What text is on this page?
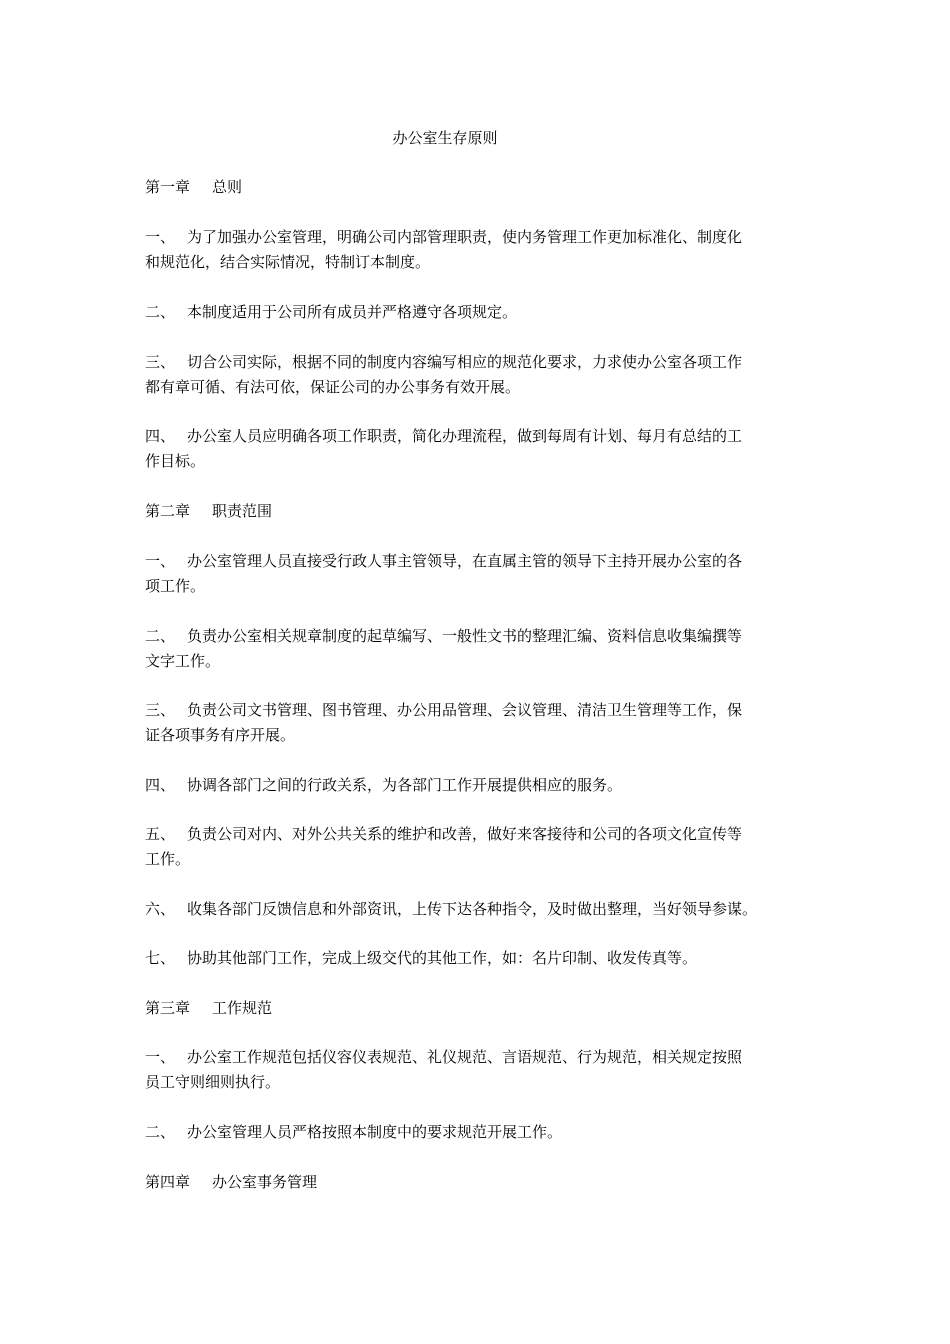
办公室生存原则
第一章 总则
一、 为了加强办公室管理，明确公司内部管理职责，使内务管理工作更加标准化、制度化
和规范化，结合实际情况，特制订本制度。
二、 本制度适用于公司所有成员并严格遵守各项规定。
三、 切合公司实际，根据不同的制度内容编写相应的规范化要求，力求使办公室各项工作
都有章可循、有法可依，保证公司的办公事务有效开展。
四、 办公室人员应明确各项工作职责，简化办理流程，做到每周有计划、每月有总结的工
作目标。
第二章 职责范围
一、 办公室管理人员直接受行政人事主管领导，在直属主管的领导下主持开展办公室的各
项工作。
二、 负责办公室相关规章制度的起草编写、一般性文书的整理汇编、资料信息收集编撰等
文字工作。
三、 负责公司文书管理、图书管理、办公用品管理、会议管理、清洁卫生管理等工作，保
证各项事务有序开展。
四、 协调各部门之间的行政关系，为各部门工作开展提供相应的服务。
五、 负责公司对内、对外公共关系的维护和改善，做好来客接待和公司的各项文化宣传等
工作。
六、 收集各部门反馈信息和外部资讯，上传下达各种指令，及时做出整理，当好领导参谋。
七、 协助其他部门工作，完成上级交代的其他工作，如：名片印制、收发传真等。
第三章 工作规范
一、 办公室工作规范包括仪容仪表规范、礼仪规范、言语规范、行为规范，相关规定按照
员工守则细则执行。
二、 办公室管理人员严格按照本制度中的要求规范开展工作。
第四章 办公室事务管理
